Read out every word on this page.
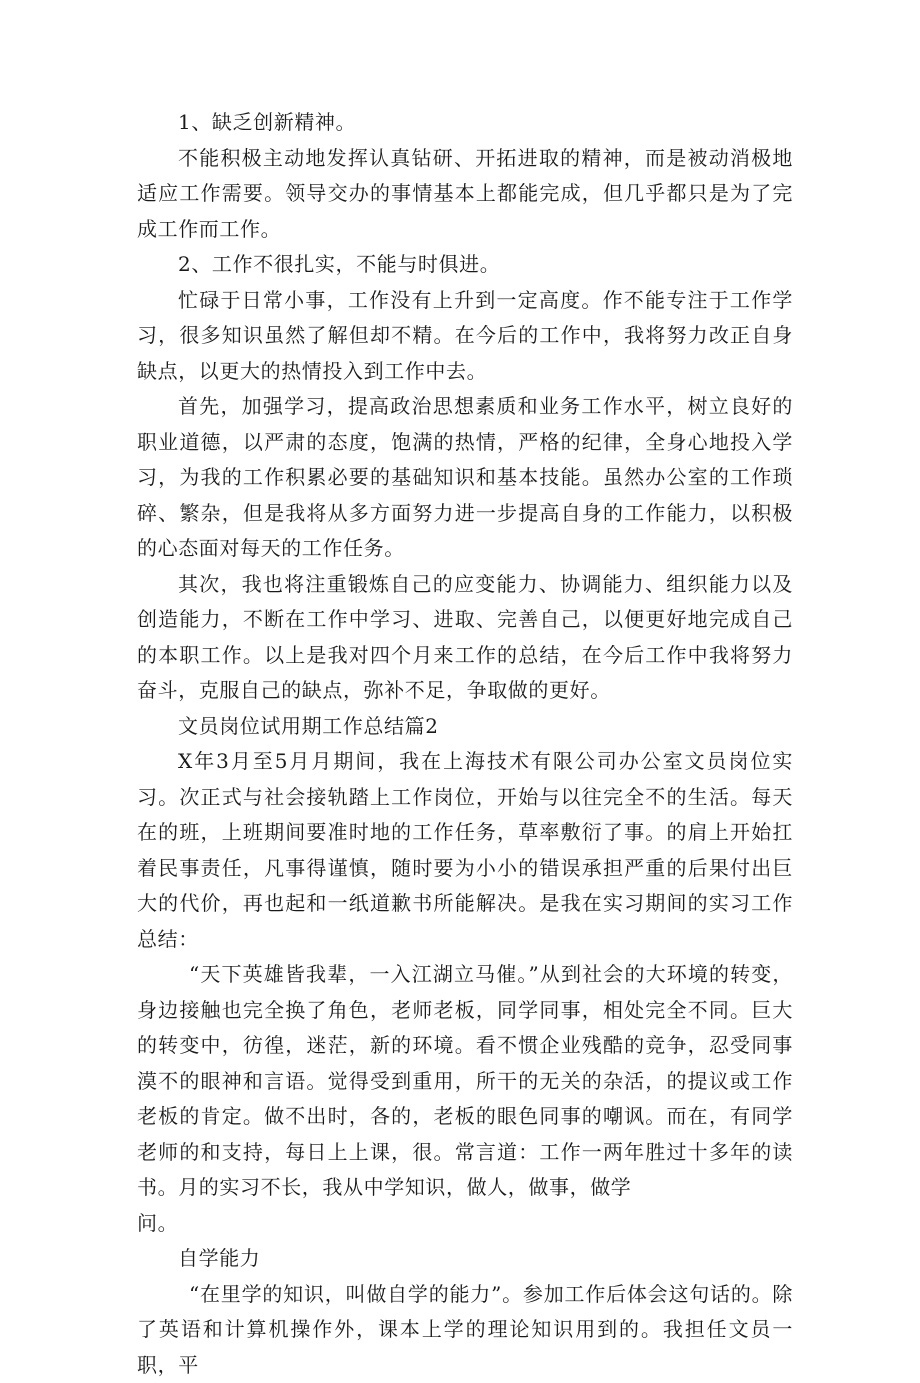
1、缺乏创新精神。

不能积极主动地发挥认真钻研、开拓进取的精神，而是被动消极地适应工作需要。领导交办的事情基本上都能完成，但几乎都只是为了完成工作而工作。

2、工作不很扎实，不能与时俱进。

忙碌于日常小事，工作没有上升到一定高度。作不能专注于工作学习，很多知识虽然了解但却不精。在今后的工作中，我将努力改正自身缺点，以更大的热情投入到工作中去。

首先，加强学习，提高政治思想素质和业务工作水平，树立良好的职业道德，以严肃的态度，饱满的热情，严格的纪律，全身心地投入学习，为我的工作积累必要的基础知识和基本技能。虽然办公室的工作琐碎、繁杂，但是我将从多方面努力进一步提高自身的工作能力，以积极的心态面对每天的工作任务。

其次，我也将注重锻炼自己的应变能力、协调能力、组织能力以及创造能力，不断在工作中学习、进取、完善自己，以便更好地完成自己的本职工作。以上是我对四个月来工作的总结，在今后工作中我将努力奋斗，克服自己的缺点，弥补不足，争取做的更好。

文员岗位试用期工作总结篇2

X年3月至5月月期间，我在上海技术有限公司办公室文员岗位实习。次正式与社会接轨踏上工作岗位，开始与以往完全不的生活。每天在的班，上班期间要准时地的工作任务，草率敷衍了事。的肩上开始扛着民事责任，凡事得谨慎，随时要为小小的错误承担严重的后果付出巨大的代价，再也起和一纸道歉书所能解决。是我在实习期间的实习工作总结：

“天下英雄皆我辈，一入江湖立马催。”从到社会的大环境的转变，身边接触也完全换了角色，老师老板，同学同事，相处完全不同。巨大的转变中，彷徨，迷茫，新的环境。看不惯企业残酷的竞争，忍受同事漠不的眼神和言语。觉得受到重用，所干的无关的杂活，的提议或工作老板的肯定。做不出时，各的，老板的眼色同事的嘲讽。而在，有同学老师的和支持，每日上上课，很。常言道：工作一两年胜过十多年的读书。月的实习不长，我从中学知识，做人，做事，做学

问。

自学能力

“在里学的知识，叫做自学的能力”。参加工作后体会这句话的。除了英语和计算机操作外，课本上学的理论知识用到的。我担任文员一职，平
